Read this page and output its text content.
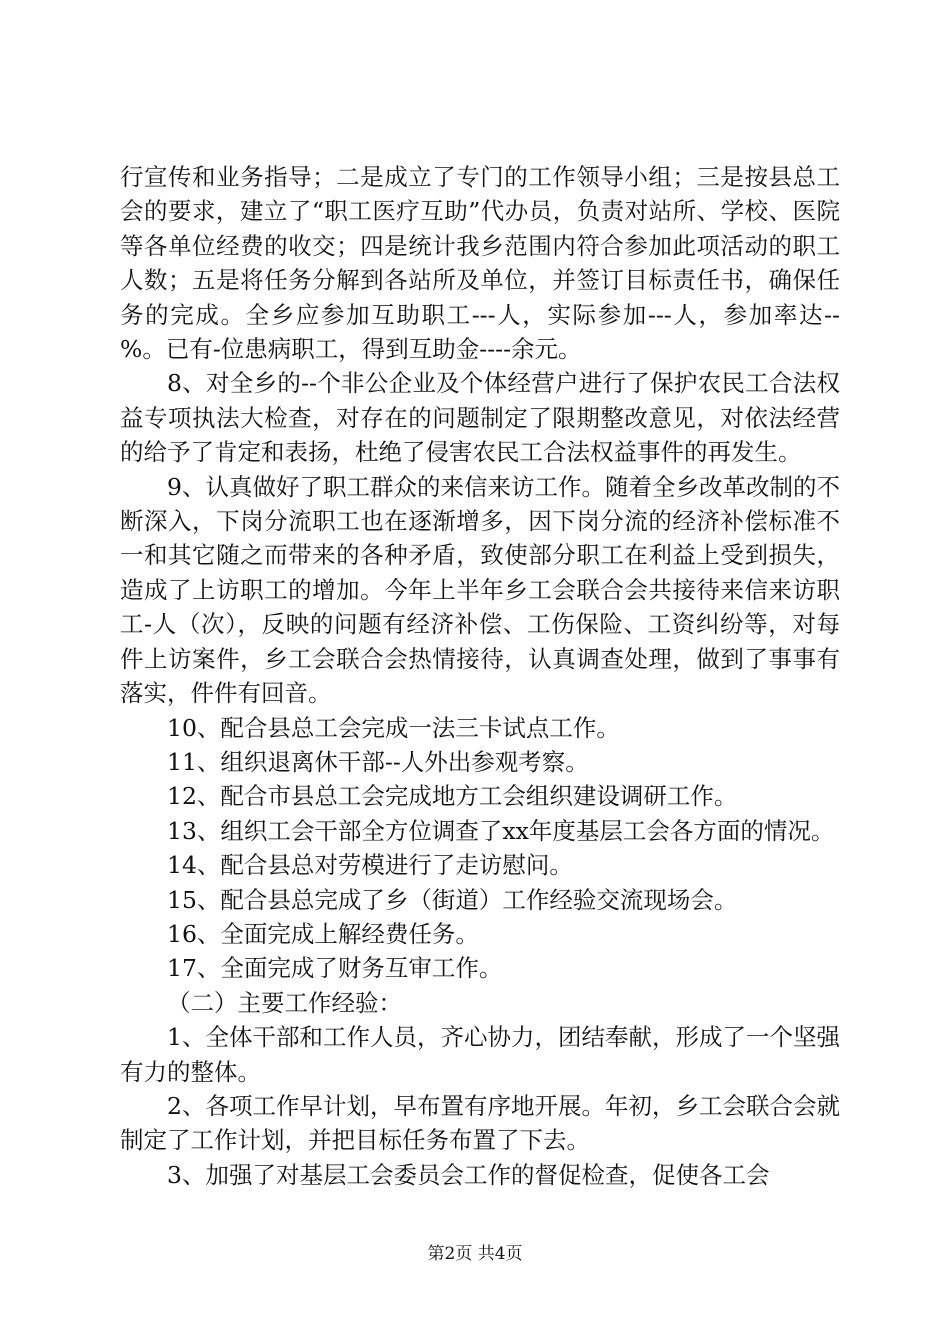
行宣传和业务指导；二是成立了专门的工作领导小组；三是按县总工会的要求，建立了“职工医疗互助”代办员，负责对站所、学校、医院等各单位经费的收交；四是统计我乡范围内符合参加此项活动的职工人数；五是将任务分解到各站所及单位，并签订目标责任书，确保任务的完成。全乡应参加互助职工---人，实际参加---人，参加率达--%。已有-位患病职工，得到互助金----余元。

8、对全乡的--个非公企业及个体经营户进行了保护农民工合法权益专项执法大检查，对存在的问题制定了限期整改意见，对依法经营的给予了肯定和表扬，杜绝了侵害农民工合法权益事件的再发生。

9、认真做好了职工群众的来信来访工作。随着全乡改革改制的不断深入，下岗分流职工也在逐渐增多，因下岗分流的经济补偿标准不一和其它随之而带来的各种矛盾，致使部分职工在利益上受到损失，造成了上访职工的增加。今年上半年乡工会联合会共接待来信来访职工-人（次），反映的问题有经济补偿、工伤保险、工资纠纷等，对每件上访案件，乡工会联合会热情接待，认真调查处理，做到了事事有落实，件件有回音。

10、配合县总工会完成一法三卡试点工作。

11、组织退离休干部--人外出参观考察。

12、配合市县总工会完成地方工会组织建设调研工作。

13、组织工会干部全方位调查了xx年度基层工会各方面的情况。

14、配合县总对劳模进行了走访慰问。

15、配合县总完成了乡（街道）工作经验交流现场会。

16、全面完成上解经费任务。

17、全面完成了财务互审工作。

（二）主要工作经验：

1、全体干部和工作人员，齐心协力，团结奉献，形成了一个坚强有力的整体。

2、各项工作早计划，早布置有序地开展。年初，乡工会联合会就制定了工作计划，并把目标任务布置了下去。

3、加强了对基层工会委员会工作的督促检查，促使各工会

第2页 共4页
